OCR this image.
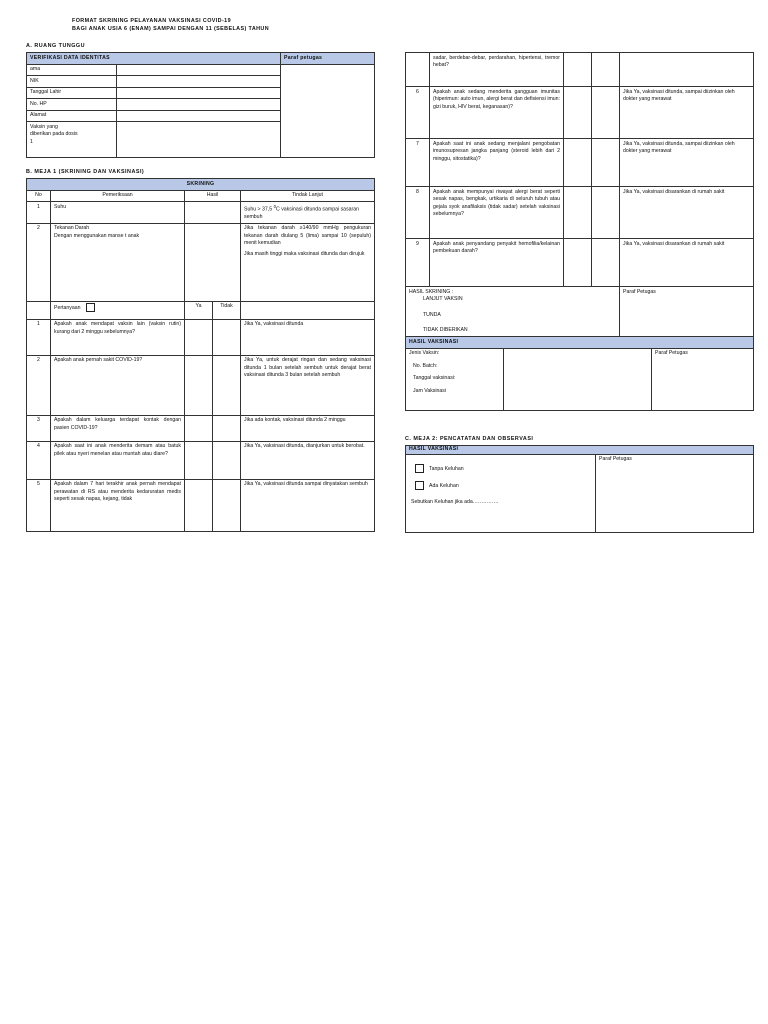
FORMAT SKRINING PELAYANAN VAKSINASI COVID-19
BAGI ANAK USIA 6 (ENAM) SAMPAI DENGAN 11 (SEBELAS) TAHUN
A. RUANG TUNGGU
VERIFIKASI DATA IDENTITAS		Paraf petugas
ama		
NIK		
Tanggal Lahir		
No. HP		
Alamat		

Vaksin yang
diberikan pada dosis
1		

B. MEJA 1 (SKRINING DAN VAKSINASI)
SKRINING				
No	Pemeriksaan	Hasil		Tindak Lanjut
1	Suhu			Suhu > 37,5 $^0$C vaksinasi ditunda sampai sasaran sembuh
2	Tekanan Darah
Dengan menggunakan manse t anak			Jika tekanan darah ≥140/90 mmHg pengukuran tekanan darah diulang 5 (lima) sampai 10 (sepuluh) menit kemudian
Jika masih tinggi maka vaksinasi ditunda dan dirujuk

	Pertanyaan	Ya	Tidak	
1	Apakah anak mendapat vaksin lain (vaksin rutin) kurang dari 2 minggu sebelumnya?			Jika Ya, vaksinasi ditunda
2	Apakah anak pernah sakit COVID-19?			Jika Ya, untuk derajat ringan dan sedang vaksinasi ditunda 1 bulan setelah sembuh untuk derajat berat vaksinasi ditunda 3 bulan setelah sembuh
3	Apakah dalam keluarga terdapat kontak dengan pasien COVID-19?			Jika ada kontak, vaksinasi ditunda 2 minggu
4	Apakah saat ini anak menderita demam atau batuk pilek atau nyeri menelan atau muntah atau diare?			Jika Ya, vaksinasi ditunda, dianjurkan untuk berobat.
5	Apakah dalam 7 hari terakhir anak pernah mendapat perawatan di RS atau menderita kedaruratan medis seperti sesak napas, kejang, tidak			Jika Ya, vaksinasi ditunda sampai dinyatakan sembuh
	sadar, berdebar-debar, perdarahan, hipertensi, tremor hebat?			
6	Apakah anak sedang menderita gangguan imunitas (hiperimun: auto imun, alergi berat dan defisiensi imun: gizi buruk, HIV berat, keganasan)?			Jika Ya, vaksinasi ditunda, sampai diizinkan oleh dokter yang merawat
7	Apakah saat ini anak sedang menjalani pengobatan imunosupresan jangka panjang (steroid lebih dari 2 minggu, sitostatika)?			Jika Ya, vaksinasi ditunda, sampai diizinkan oleh dokter yang merawat
8	Apakah anak mempunyai riwayat alergi berat seperti sesak napas, bengkak, urtikaria di seluruh tubuh atau gejala syok anafilaksis (tidak sadar) setelah vaksinasi sebelumnya?			Jika Ya, vaksinasi disarankan di rumah sakit
9	Apakah anak penyandang penyakit hemofilia/kelainan pembekuan darah?			Jika Ya, vaksinasi disarankan di rumah sakit

HASIL SKRINING :
LANJUT VAKSIN
TUNDA
TIDAK DIBERIKAN				Paraf Petugas
HASIL VAKSINASI

Jenis Vaksin:
No. Batch:
Tanggal vaksinasi:
Jam Vaksinasi
		Paraf Petugas
C. MEJA 2: PENCATATAN DAN OBSERVASI
HASIL VAKSINASI

Tanpa Keluhan
Ada Keluhan
Sebutkan Keluhan jika ada……………
	Paraf Petugas
